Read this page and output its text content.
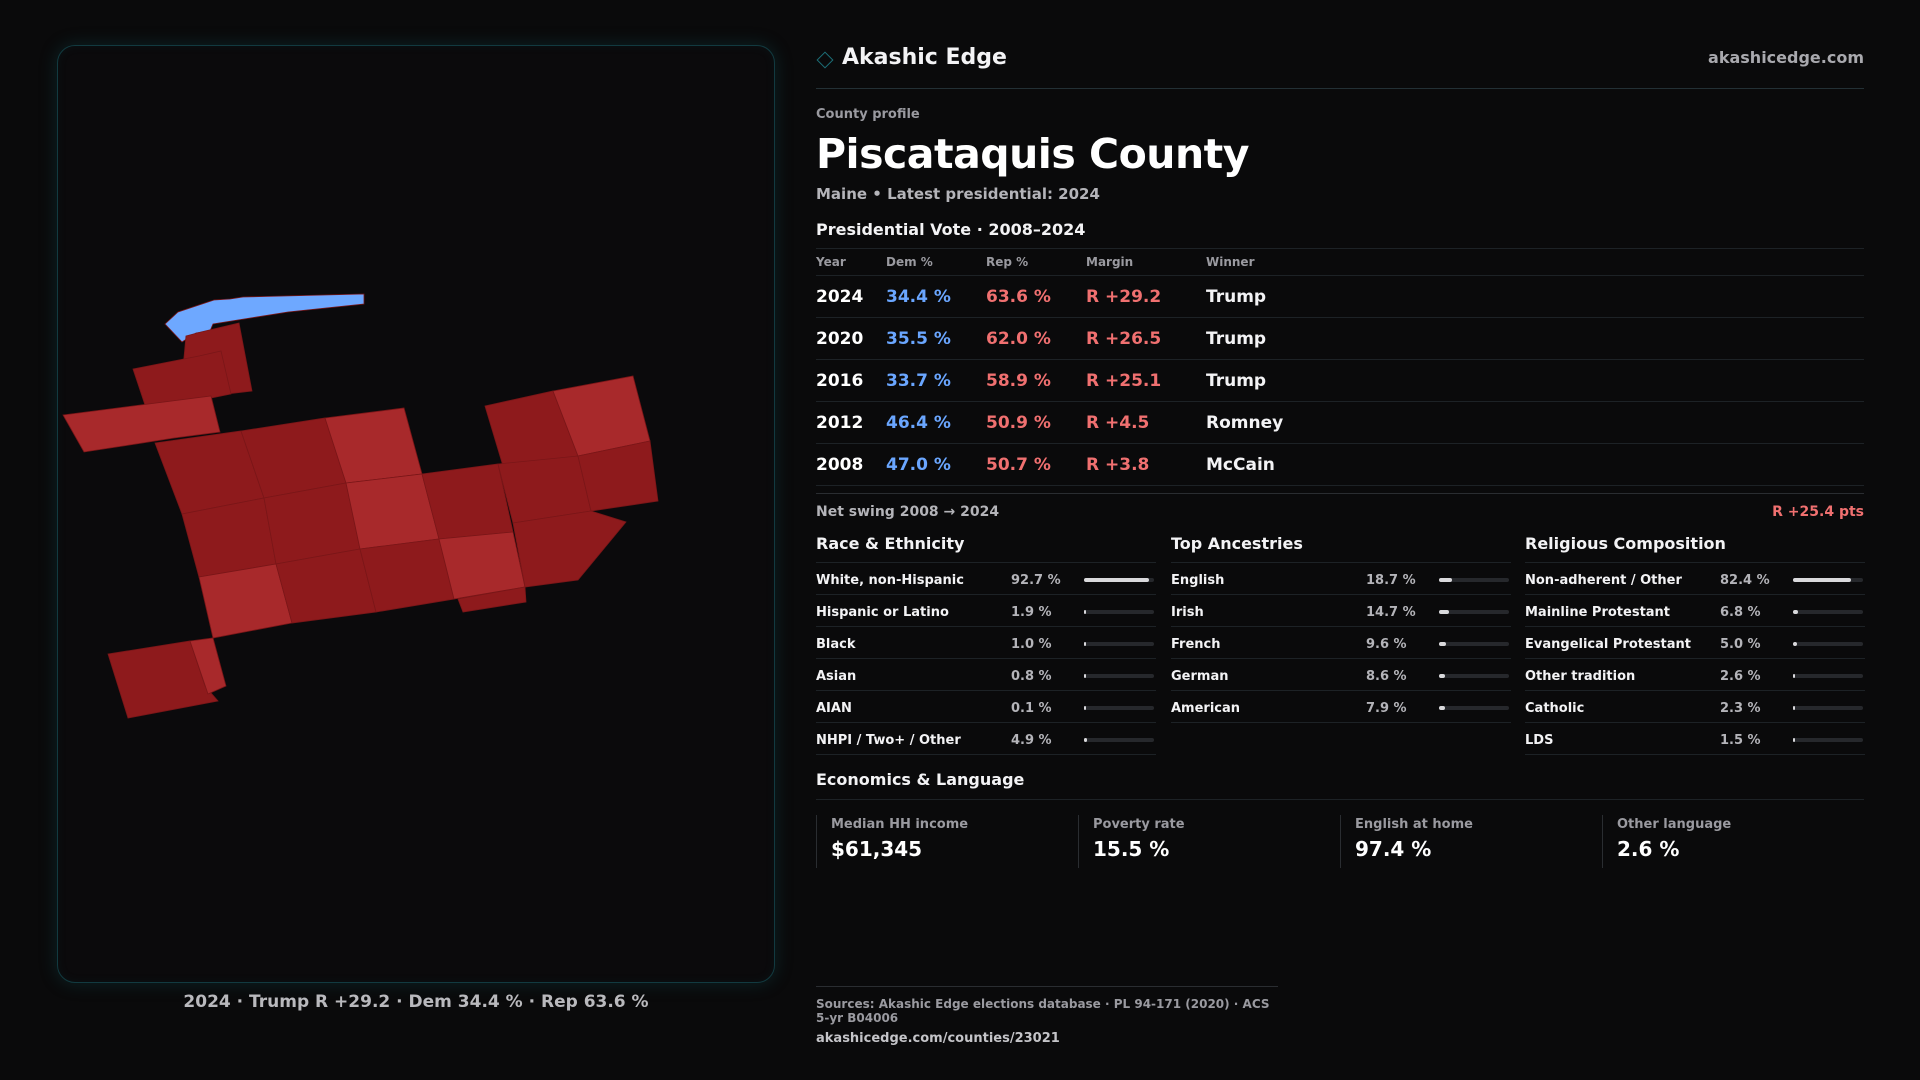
2024 · Trump R +29.2 · Dem 34.4 % · Rep 63.6 %
Akashic Edge	akashicedge.com
County profile
Piscataquis County
Maine • Latest presidential: 2024
Presidential Vote · 2008–2024
Year	Dem %	Rep %	Margin	Winner
2024	34.4 %	63.6 %	R +29.2	Trump
2020	35.5 %	62.0 %	R +26.5	Trump
2016	33.7 %	58.9 %	R +25.1	Trump
2012	46.4 %	50.9 %	R +4.5	Romney
2008	47.0 %	50.7 %	R +3.8	McCain
Net swing 2008 → 2024	R +25.4 pts
Race & Ethnicity
White, non-Hispanic	92.7 %
Hispanic or Latino	1.9 %
Black	1.0 %
Asian	0.8 %
AIAN	0.1 %
NHPI / Two+ / Other	4.9 %
Top Ancestries
English	18.7 %
Irish	14.7 %
French	9.6 %
German	8.6 %
American	7.9 %
Religious Composition
Non-adherent / Other	82.4 %
Mainline Protestant	6.8 %
Evangelical Protestant 5.0 %
Other tradition	2.6 %
Catholic	2.3 %
LDS	1.5 %
Economics & Language
Median HH income
$61,345
Poverty rate
15.5 %
English at home
97.4 %
Other language
2.6 %
Sources: Akashic Edge elections database · PL 94-171 (2020) · ACS 5-yr B04006
akashicedge.com/counties/23021
